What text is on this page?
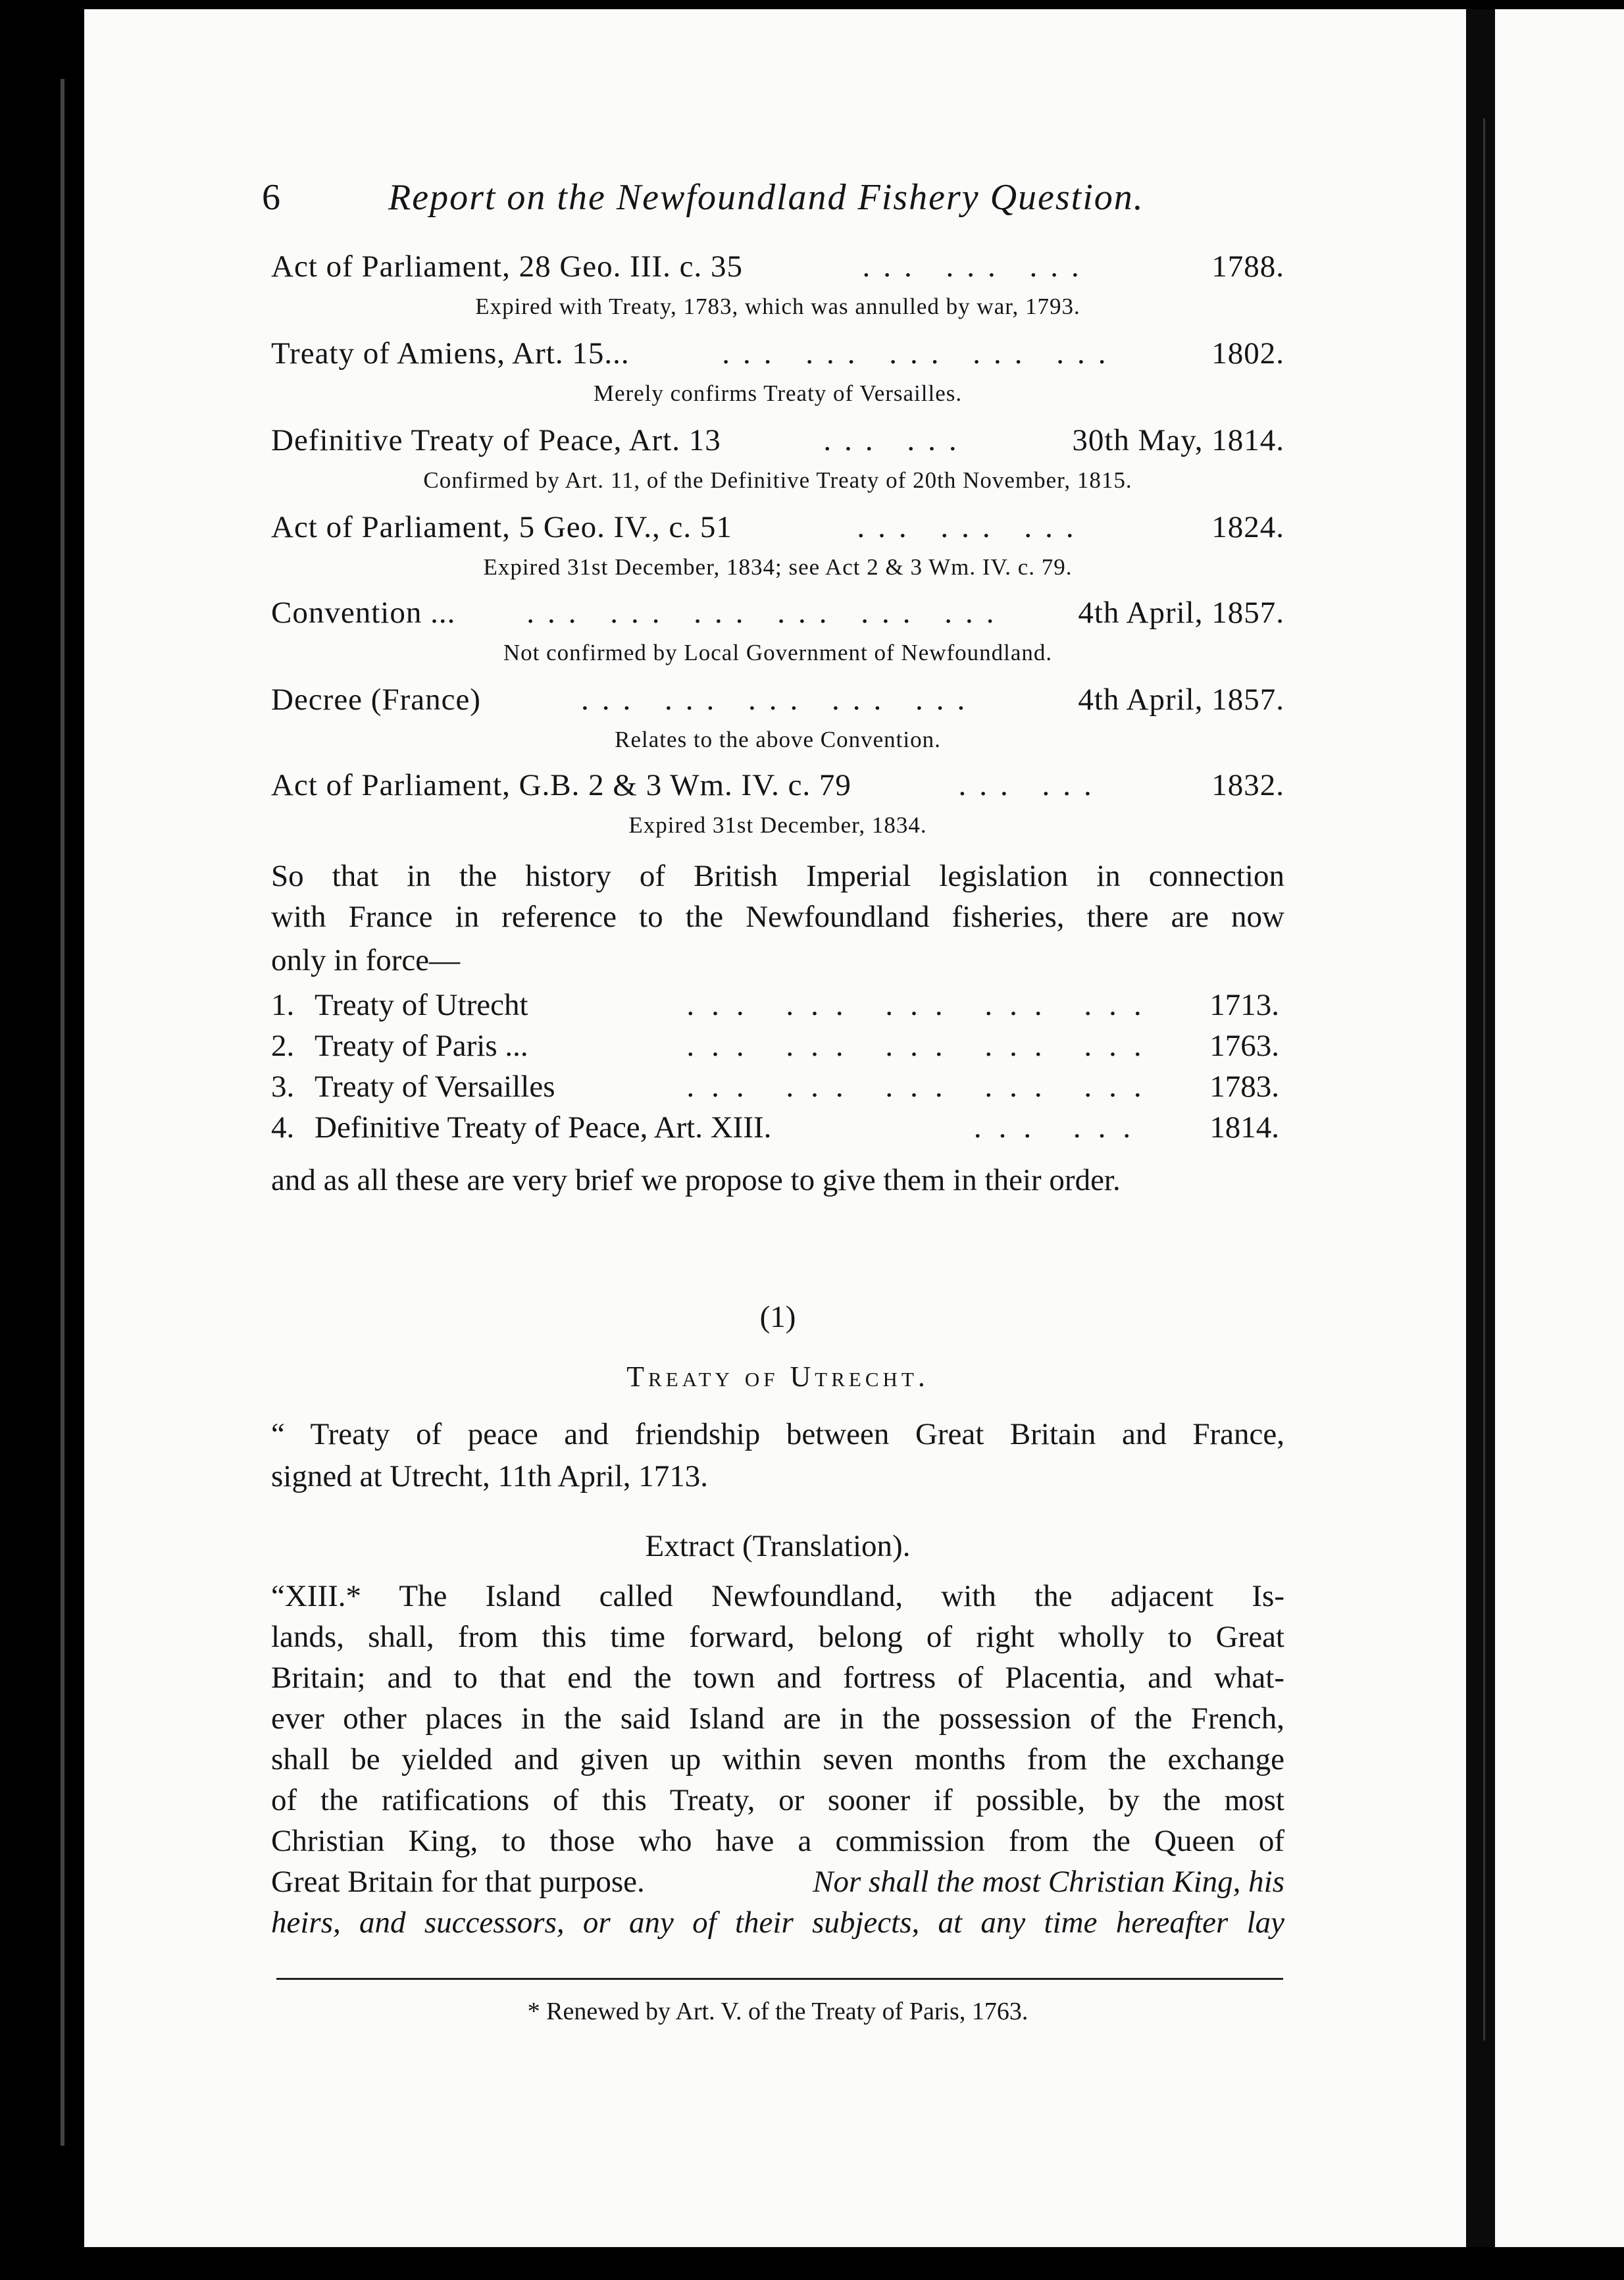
6	Report on the Newfoundland Fishery Question.
Act of Parliament, 28 Geo. III. c. 35	... ... ...	1788.
Expired with Treaty, 1783, which was annulled by war, 1793.
Treaty of Amiens, Art. 15...	... ... ... ... ...	1802.
Merely confirms Treaty of Versailles.
Definitive Treaty of Peace, Art. 13	... ...	30th May, 1814.
Confirmed by Art. 11, of the Definitive Treaty of 20th November, 1815.
Act of Parliament, 5 Geo. IV., c. 51	... ... ...	1824.
Expired 31st December, 1834; see Act 2 & 3 Wm. IV. c. 79.
Convention ...	... ... ... ... ... ...	4th April, 1857.
Not confirmed by Local Government of Newfoundland.
Decree (France)	... ... ... ... ...	4th April, 1857.
Relates to the above Convention.
Act of Parliament, G.B. 2 & 3 Wm. IV. c. 79	... ...	1832.
Expired 31st December, 1834.
So that in the history of British Imperial legislation in connection
with France in reference to the Newfoundland fisheries, there are now
only in force—
1. Treaty of Utrecht	... ... ... ... ...	1713.
2. Treaty of Paris ...	... ... ... ... ...	1763.
3. Treaty of Versailles	... ... ... ... ...	1783.
4. Definitive Treaty of Peace, Art. XIII.	... ...	1814.
and as all these are very brief we propose to give them in their order.
(1)
Treaty of Utrecht.
“ Treaty of peace and friendship between Great Britain and France,
signed at Utrecht, 11th April, 1713.
Extract (Translation).
“XIII.* The Island called Newfoundland, with the adjacent Is-
lands, shall, from this time forward, belong of right wholly to Great
Britain; and to that end the town and fortress of Placentia, and what-
ever other places in the said Island are in the possession of the French,
shall be yielded and given up within seven months from the exchange
of the ratifications of this Treaty, or sooner if possible, by the most
Christian King, to those who have a commission from the Queen of
Great Britain for that purpose.	Nor shall the most Christian King, his
heirs, and successors, or any of their subjects, at any time hereafter lay
* Renewed by Art. V. of the Treaty of Paris, 1763.
